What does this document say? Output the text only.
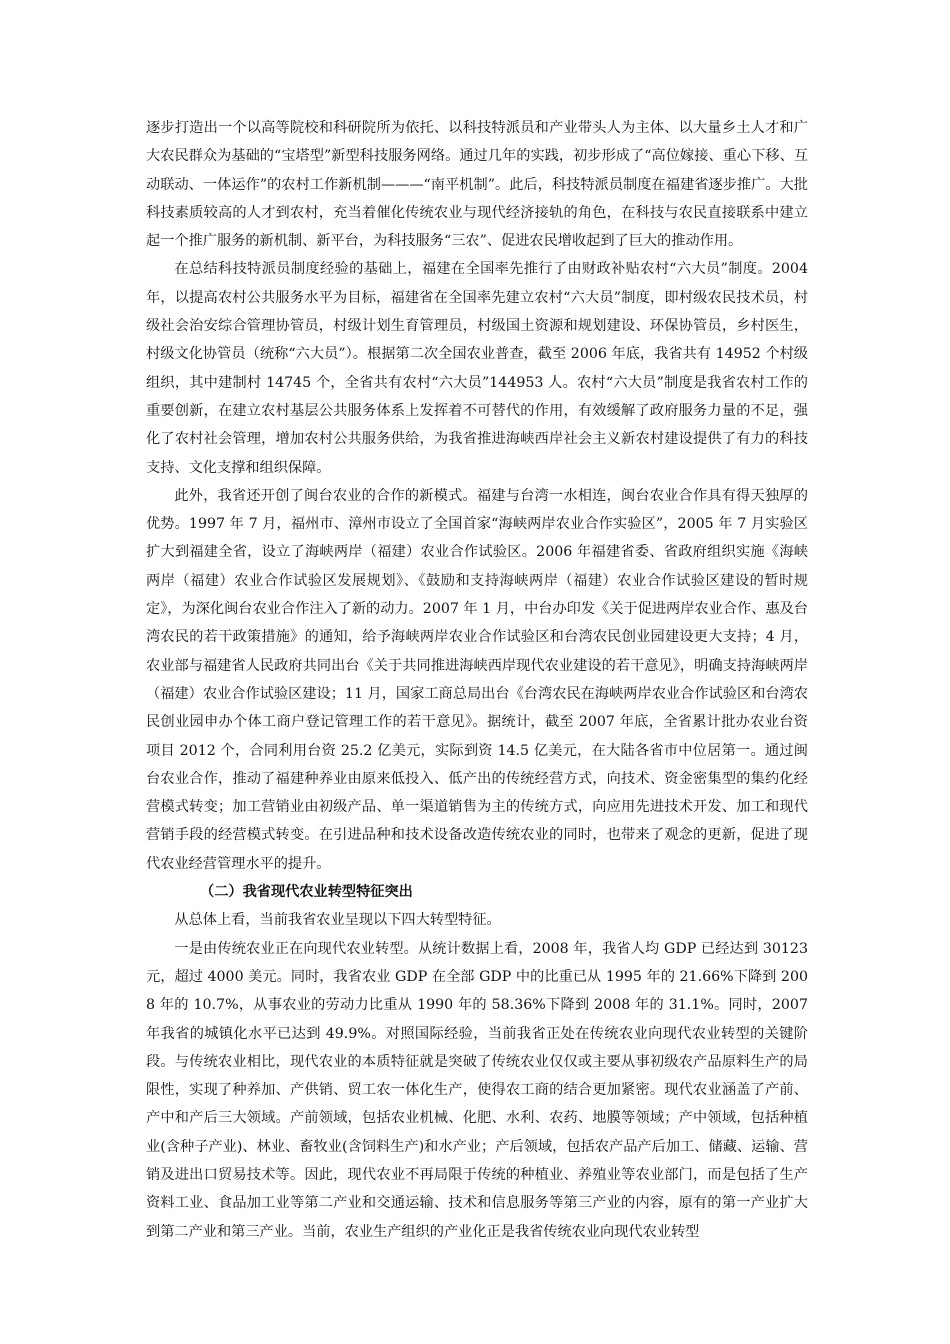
逐步打造出一个以高等院校和科研院所为依托、以科技特派员和产业带头人为主体、以大量乡土人才和广大农民群众为基础的“宝塔型”新型科技服务网络。通过几年的实践，初步形成了“高位嫁接、重心下移、互动联动、一体运作”的农村工作新机制———“南平机制”。此后，科技特派员制度在福建省逐步推广。大批科技素质较高的人才到农村，充当着催化传统农业与现代经济接轨的角色，在科技与农民直接联系中建立起一个推广服务的新机制、新平台，为科技服务“三农”、促进农民增收起到了巨大的推动作用。

在总结科技特派员制度经验的基础上，福建在全国率先推行了由财政补贴农村“六大员”制度。2004 年，以提高农村公共服务水平为目标，福建省在全国率先建立农村“六大员”制度，即村级农民技术员，村级社会治安综合管理协管员，村级计划生育管理员，村级国土资源和规划建设、环保协管员，乡村医生，村级文化协管员（统称“六大员”）。根据第二次全国农业普查，截至 2006 年底，我省共有 14952 个村级组织，其中建制村 14745 个，全省共有农村“六大员”144953 人。农村“六大员”制度是我省农村工作的重要创新，在建立农村基层公共服务体系上发挥着不可替代的作用，有效缓解了政府服务力量的不足，强化了农村社会管理，增加农村公共服务供给，为我省推进海峡西岸社会主义新农村建设提供了有力的科技支持、文化支撑和组织保障。

此外，我省还开创了闽台农业的合作的新模式。福建与台湾一水相连，闽台农业合作具有得天独厚的优势。1997 年 7 月，福州市、漳州市设立了全国首家“海峡两岸农业合作实验区”，2005 年 7 月实验区扩大到福建全省，设立了海峡两岸（福建）农业合作试验区。2006 年福建省委、省政府组织实施《海峡两岸（福建）农业合作试验区发展规划》、《鼓励和支持海峡两岸（福建）农业合作试验区建设的暂时规定》，为深化闽台农业合作注入了新的动力。2007 年 1 月，中台办印发《关于促进两岸农业合作、惠及台湾农民的若干政策措施》的通知，给予海峡两岸农业合作试验区和台湾农民创业园建设更大支持；4 月，农业部与福建省人民政府共同出台《关于共同推进海峡西岸现代农业建设的若干意见》，明确支持海峡两岸（福建）农业合作试验区建设；11 月，国家工商总局出台《台湾农民在海峡两岸农业合作试验区和台湾农民创业园申办个体工商户登记管理工作的若干意见》。据统计，截至 2007 年底，全省累计批办农业台资项目 2012 个，合同利用台资 25.2 亿美元，实际到资 14.5 亿美元，在大陆各省市中位居第一。通过闽台农业合作，推动了福建种养业由原来低投入、低产出的传统经营方式，向技术、资金密集型的集约化经营模式转变；加工营销业由初级产品、单一渠道销售为主的传统方式，向应用先进技术开发、加工和现代营销手段的经营模式转变。在引进品种和技术设备改造传统农业的同时，也带来了观念的更新，促进了现代农业经营管理水平的提升。

（二）我省现代农业转型特征突出

从总体上看，当前我省农业呈现以下四大转型特征。

一是由传统农业正在向现代农业转型。从统计数据上看，2008 年，我省人均 GDP 已经达到 30123 元，超过 4000 美元。同时，我省农业 GDP 在全部 GDP 中的比重已从 1995 年的 21.66%下降到 2008 年的 10.7%，从事农业的劳动力比重从 1990 年的 58.36%下降到 2008 年的 31.1%。同时，2007 年我省的城镇化水平已达到 49.9%。对照国际经验，当前我省正处在传统农业向现代农业转型的关键阶段。与传统农业相比，现代农业的本质特征就是突破了传统农业仅仅或主要从事初级农产品原料生产的局限性，实现了种养加、产供销、贸工农一体化生产，使得农工商的结合更加紧密。现代农业涵盖了产前、产中和产后三大领域。产前领域，包括农业机械、化肥、水利、农药、地膜等领域；产中领域，包括种植业(含种子产业)、林业、畜牧业(含饲料生产)和水产业；产后领域，包括农产品产后加工、储藏、运输、营销及进出口贸易技术等。因此，现代农业不再局限于传统的种植业、养殖业等农业部门，而是包括了生产资料工业、食品加工业等第二产业和交通运输、技术和信息服务等第三产业的内容，原有的第一产业扩大到第二产业和第三产业。当前，农业生产组织的产业化正是我省传统农业向现代农业转型
